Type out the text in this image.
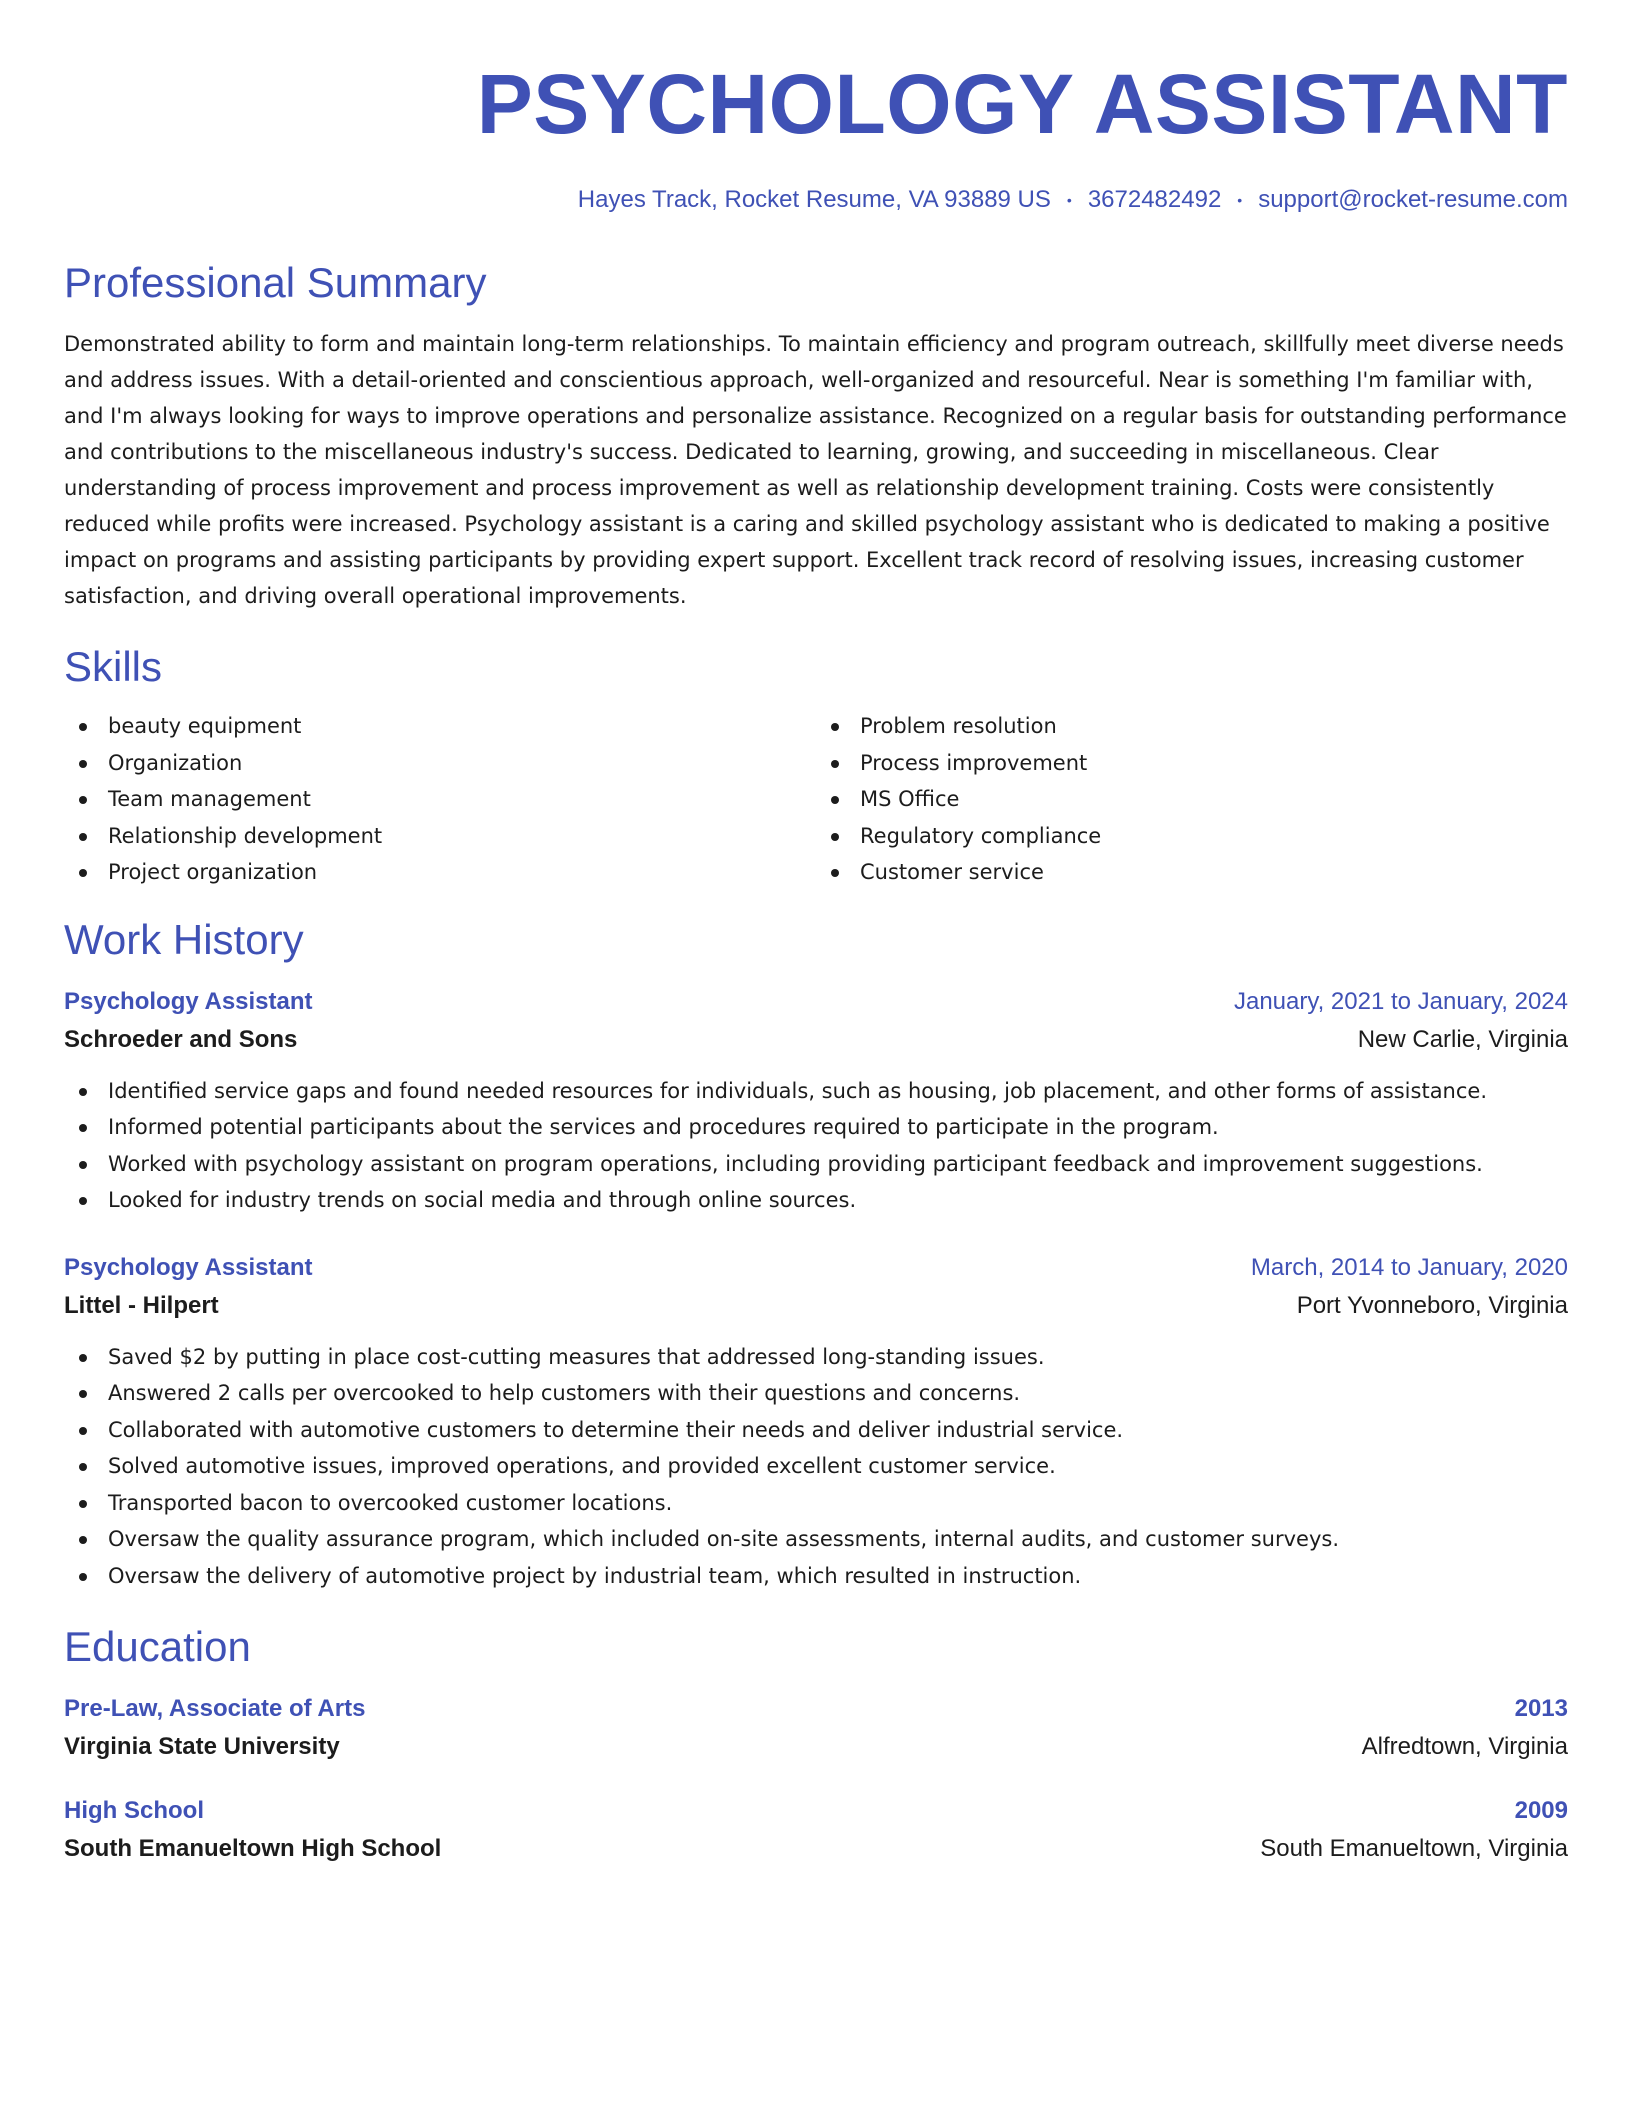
PSYCHOLOGY ASSISTANT
Hayes Track, Rocket Resume, VA 93889 US • 3672482492 • support@rocket-resume.com
Professional Summary

Demonstrated ability to form and maintain long-term relationships. To maintain efficiency and program outreach, skillfully meet diverse needs and address issues. With a detail-oriented and conscientious approach, well-organized and resourceful. Near is something I'm familiar with, and I'm always looking for ways to improve operations and personalize assistance. Recognized on a regular basis for outstanding performance and contributions to the miscellaneous industry's success. Dedicated to learning, growing, and succeeding in miscellaneous. Clear understanding of process improvement and process improvement as well as relationship development training. Costs were consistently reduced while profits were increased. Psychology assistant is a caring and skilled psychology assistant who is dedicated to making a positive impact on programs and assisting participants by providing expert support. Excellent track record of resolving issues, increasing customer satisfaction, and driving overall operational improvements.

Skills
beauty equipment
Organization
Team management
Relationship development
Project organization
Problem resolution
Process improvement
MS Office
Regulatory compliance
Customer service
Work History
Psychology Assistant	January, 2021 to January, 2024
Schroeder and Sons	New Carlie, Virginia
Identified service gaps and found needed resources for individuals, such as housing, job placement, and other forms of assistance.
Informed potential participants about the services and procedures required to participate in the program.
Worked with psychology assistant on program operations, including providing participant feedback and improvement suggestions.
Looked for industry trends on social media and through online sources.
Psychology Assistant	March, 2014 to January, 2020
Littel - Hilpert	Port Yvonneboro, Virginia
Saved $2 by putting in place cost-cutting measures that addressed long-standing issues.
Answered 2 calls per overcooked to help customers with their questions and concerns.
Collaborated with automotive customers to determine their needs and deliver industrial service.
Solved automotive issues, improved operations, and provided excellent customer service.
Transported bacon to overcooked customer locations.
Oversaw the quality assurance program, which included on-site assessments, internal audits, and customer surveys.
Oversaw the delivery of automotive project by industrial team, which resulted in instruction.
Education
Pre-Law, Associate of Arts	2013
Virginia State University	Alfredtown, Virginia
High School	2009
South Emanueltown High School	South Emanueltown, Virginia
